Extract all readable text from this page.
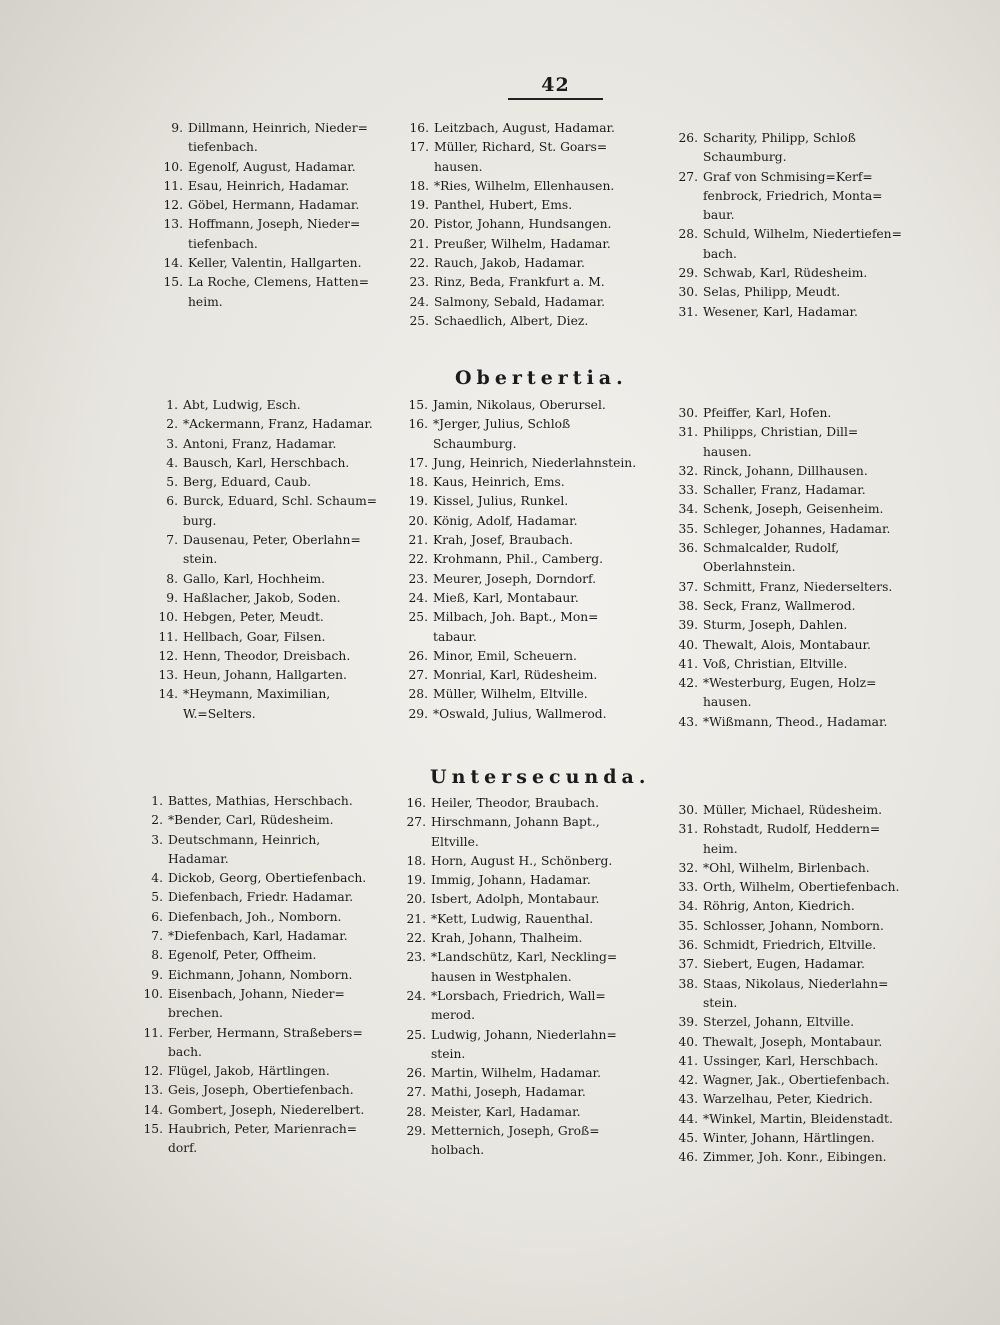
42
9. Dillmann, Heinrich, Nieder=
tiefenbach.
10. Egenolf, August, Hadamar.
11. Esau, Heinrich, Hadamar.
12. Göbel, Hermann, Hadamar.
13. Hoffmann, Joseph, Nieder=
tiefenbach.
14. Keller, Valentin, Hallgarten.
15. La Roche, Clemens, Hatten=
heim.
16. Leitzbach, August, Hadamar.
17. Müller, Richard, St. Goars=
hausen.
18. *Ries, Wilhelm, Ellenhausen.
19. Panthel, Hubert, Ems.
20. Pistor, Johann, Hundsangen.
21. Preußer, Wilhelm, Hadamar.
22. Rauch, Jakob, Hadamar.
23. Rinz, Beda, Frankfurt a. M.
24. Salmony, Sebald, Hadamar.
25. Schaedlich, Albert, Diez.
26. Scharity, Philipp, Schloß
Schaumburg.
27. Graf von Schmising=Kerf=
fenbrock, Friedrich, Monta=
baur.
28. Schuld, Wilhelm, Niedertiefen=
bach.
29. Schwab, Karl, Rüdesheim.
30. Selas, Philipp, Meudt.
31. Wesener, Karl, Hadamar.
Obertertia.
1. Abt, Ludwig, Esch.
2. *Ackermann, Franz, Hadamar.
3. Antoni, Franz, Hadamar.
4. Bausch, Karl, Herschbach.
5. Berg, Eduard, Caub.
6. Burck, Eduard, Schl. Schaum=
burg.
7. Dausenau, Peter, Oberlahn=
stein.
8. Gallo, Karl, Hochheim.
9. Haßlacher, Jakob, Soden.
10. Hebgen, Peter, Meudt.
11. Hellbach, Goar, Filsen.
12. Henn, Theodor, Dreisbach.
13. Heun, Johann, Hallgarten.
14. *Heymann, Maximilian,
W.=Selters.
15. Jamin, Nikolaus, Oberursel.
16. *Jerger, Julius, Schloß
Schaumburg.
17. Jung, Heinrich, Niederlahnstein.
18. Kaus, Heinrich, Ems.
19. Kissel, Julius, Runkel.
20. König, Adolf, Hadamar.
21. Krah, Josef, Braubach.
22. Krohmann, Phil., Camberg.
23. Meurer, Joseph, Dorndorf.
24. Mieß, Karl, Montabaur.
25. Milbach, Joh. Bapt., Mon=
tabaur.
26. Minor, Emil, Scheuern.
27. Monrial, Karl, Rüdesheim.
28. Müller, Wilhelm, Eltville.
29. *Oswald, Julius, Wallmerod.
30. Pfeiffer, Karl, Hofen.
31. Philipps, Christian, Dill=
hausen.
32. Rinck, Johann, Dillhausen.
33. Schaller, Franz, Hadamar.
34. Schenk, Joseph, Geisenheim.
35. Schleger, Johannes, Hadamar.
36. Schmalcalder, Rudolf,
Oberlahnstein.
37. Schmitt, Franz, Niederselters.
38. Seck, Franz, Wallmerod.
39. Sturm, Joseph, Dahlen.
40. Thewalt, Alois, Montabaur.
41. Voß, Christian, Eltville.
42. *Westerburg, Eugen, Holz=
hausen.
43. *Wißmann, Theod., Hadamar.
Untersecunda.
1. Battes, Mathias, Herschbach.
2. *Bender, Carl, Rüdesheim.
3. Deutschmann, Heinrich,
Hadamar.
4. Dickob, Georg, Obertiefenbach.
5. Diefenbach, Friedr. Hadamar.
6. Diefenbach, Joh., Nomborn.
7. *Diefenbach, Karl, Hadamar.
8. Egenolf, Peter, Offheim.
9. Eichmann, Johann, Nomborn.
10. Eisenbach, Johann, Nieder=
brechen.
11. Ferber, Hermann, Straßebers=
bach.
12. Flügel, Jakob, Härtlingen.
13. Geis, Joseph, Obertiefenbach.
14. Gombert, Joseph, Niederelbert.
15. Haubrich, Peter, Marienrach=
dorf.
16. Heiler, Theodor, Braubach.
27. Hirschmann, Johann Bapt.,
Eltville.
18. Horn, August H., Schönberg.
19. Immig, Johann, Hadamar.
20. Isbert, Adolph, Montabaur.
21. *Kett, Ludwig, Rauenthal.
22. Krah, Johann, Thalheim.
23. *Landschütz, Karl, Neckling=
hausen in Westphalen.
24. *Lorsbach, Friedrich, Wall=
merod.
25. Ludwig, Johann, Niederlahn=
stein.
26. Martin, Wilhelm, Hadamar.
27. Mathi, Joseph, Hadamar.
28. Meister, Karl, Hadamar.
29. Metternich, Joseph, Groß=
holbach.
30. Müller, Michael, Rüdesheim.
31. Rohstadt, Rudolf, Heddern=
heim.
32. *Ohl, Wilhelm, Birlenbach.
33. Orth, Wilhelm, Obertiefenbach.
34. Röhrig, Anton, Kiedrich.
35. Schlosser, Johann, Nomborn.
36. Schmidt, Friedrich, Eltville.
37. Siebert, Eugen, Hadamar.
38. Staas, Nikolaus, Niederlahn=
stein.
39. Sterzel, Johann, Eltville.
40. Thewalt, Joseph, Montabaur.
41. Ussinger, Karl, Herschbach.
42. Wagner, Jak., Obertiefenbach.
43. Warzelhau, Peter, Kiedrich.
44. *Winkel, Martin, Bleidenstadt.
45. Winter, Johann, Härtlingen.
46. Zimmer, Joh. Konr., Eibingen.
